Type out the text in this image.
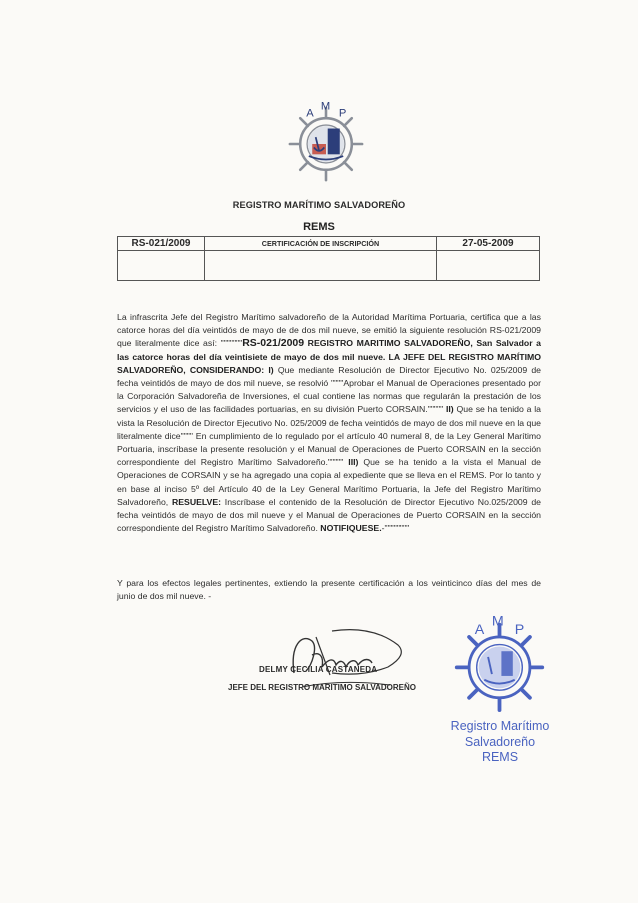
A
M
P
REGISTRO MARÍTIMO SALVADOREÑO
REMS
RS-021/2009	CERTIFICACIÓN DE INSCRIPCIÓN	27-05-2009
La infrascrita Jefe del Registro Marítimo salvadoreño de la Autoridad Marítima Portuaria, certifica que a las catorce horas del día veintidós de mayo de de dos mil nueve, se emitió la siguiente resolución RS-021/2009 que literalmente dice así: """""""RS-021/2009 REGISTRO MARITIMO SALVADOREÑO, San Salvador a las catorce horas del día veintisiete de mayo de dos mil nueve. LA JEFE DEL REGISTRO MARÍTIMO SALVADOREÑO, CONSIDERANDO: I) Que mediante Resolución de Director Ejecutivo No. 025/2009 de fecha veintidós de mayo de dos mil nueve, se resolvió """"Aprobar el Manual de Operaciones presentado por la Corporación Salvadoreña de Inversiones, el cual contiene las normas que regularán la prestación de los servicios y el uso de las facilidades portuarias, en su división Puerto CORSAIN.""""" II) Que se ha tenido a la vista la Resolución de Director Ejecutivo No. 025/2009 de fecha veintidós de mayo de dos mil nueve en la que literalmente dice"""" En cumplimiento de lo regulado por el artículo 40 numeral 8, de la Ley General Marítimo Portuaria, inscríbase la presente resolución y el Manual de Operaciones de Puerto CORSAIN en la sección correspondiente del Registro Marítimo Salvadoreño.""""" III) Que se ha tenido a la vista el Manual de Operaciones de CORSAIN y se ha agregado una copia al expediente que se lleva en el REMS. Por lo tanto y en base al inciso 5º del Artículo 40 de la Ley General Marítimo Portuaria, la Jefe del Registro Marítimo Salvadoreño, RESUELVE: Inscríbase el contenido de la Resolución de Director Ejecutivo No.025/2009 de fecha veintidós de mayo de dos mil nueve y el Manual de Operaciones de Puerto CORSAIN en la sección correspondiente del Registro Marítimo Salvadoreño. NOTIFIQUESE.-""""""""
Y para los efectos legales pertinentes, extiendo la presente certificación a los veinticinco días del mes de junio de dos mil nueve. -
DELMY CECILIA CASTANEDA
JEFE DEL REGISTRO MARITIMO SALVADOREÑO
A
M
P
Registro Marítimo
Salvadoreño
REMS
